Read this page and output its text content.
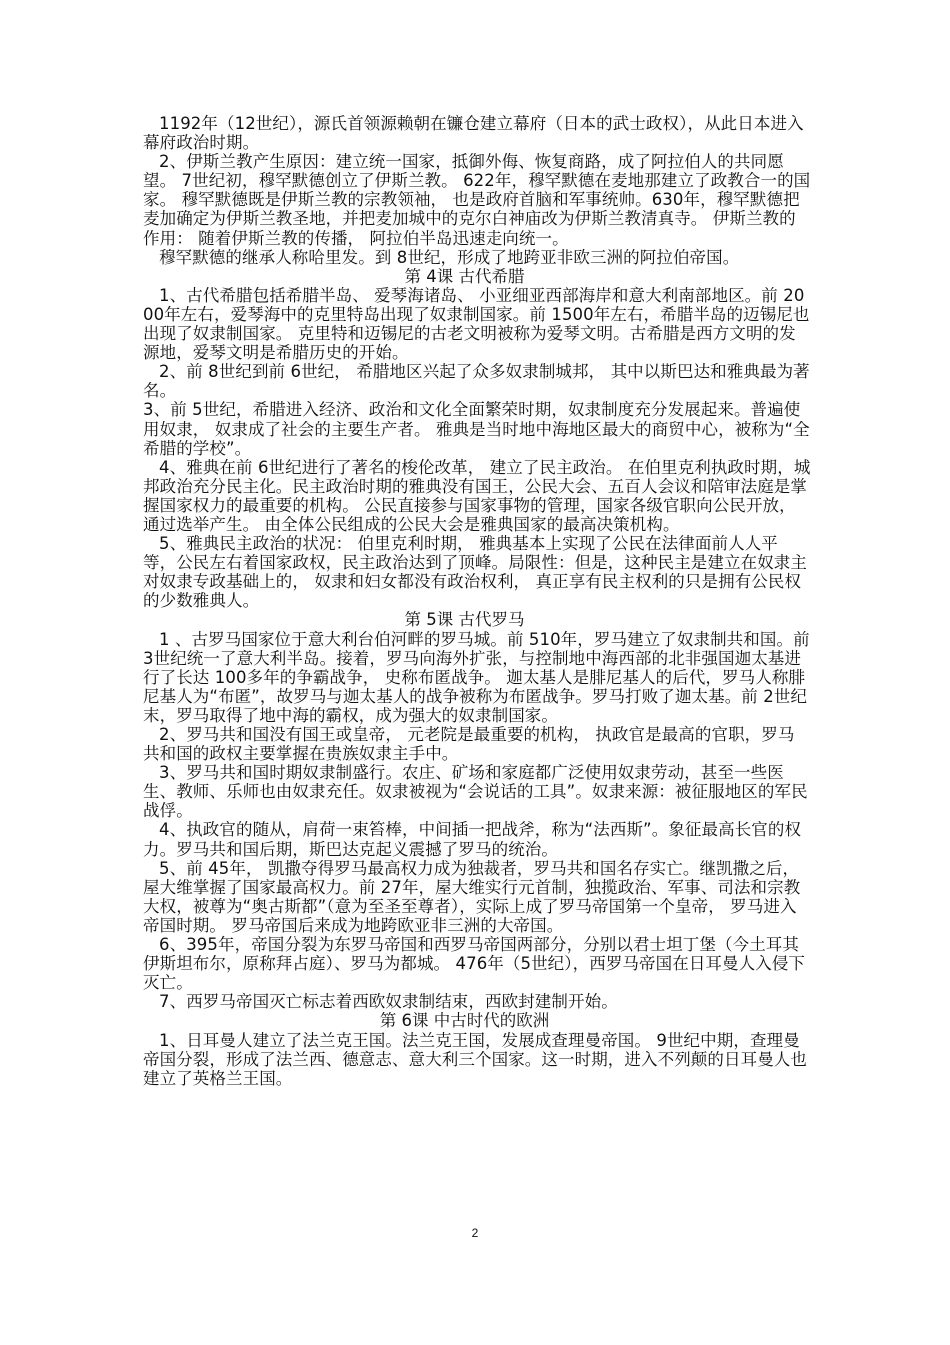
1192年（12世纪），源氏首领源赖朝在镰仓建立幕府（日本的武士政权），从此日本进入幕府政治时期。

2、伊斯兰教产生原因：建立统一国家，抵御外侮、恢复商路，成了阿拉伯人的共同愿望。 7世纪初，穆罕默德创立了伊斯兰教。 622年，穆罕默德在麦地那建立了政教合一的国家。 穆罕默德既是伊斯兰教的宗教领袖， 也是政府首脑和军事统帅。630年，穆罕默德把麦加确定为伊斯兰教圣地，并把麦加城中的克尔白神庙改为伊斯兰教清真寺。 伊斯兰教的作用： 随着伊斯兰教的传播， 阿拉伯半岛迅速走向统一。

穆罕默德的继承人称哈里发。到 8世纪，形成了地跨亚非欧三洲的阿拉伯帝国。

第 4课 古代希腊

1、古代希腊包括希腊半岛、 爱琴海诸岛、 小亚细亚西部海岸和意大利南部地区。前 2000年左右，爱琴海中的克里特岛出现了奴隶制国家。前 1500年左右，希腊半岛的迈锡尼也出现了奴隶制国家。 克里特和迈锡尼的古老文明被称为爱琴文明。古希腊是西方文明的发源地，爱琴文明是希腊历史的开始。

2、前 8世纪到前 6世纪， 希腊地区兴起了众多奴隶制城邦， 其中以斯巴达和雅典最为著名。

3、前 5世纪，希腊进入经济、政治和文化全面繁荣时期，奴隶制度充分发展起来。普遍使用奴隶， 奴隶成了社会的主要生产者。 雅典是当时地中海地区最大的商贸中心，被称为“全希腊的学校”。

4、雅典在前 6世纪进行了著名的梭伦改革， 建立了民主政治。 在伯里克利执政时期，城邦政治充分民主化。民主政治时期的雅典没有国王，公民大会、五百人会议和陪审法庭是掌握国家权力的最重要的机构。 公民直接参与国家事物的管理，国家各级官职向公民开放， 通过选举产生。 由全体公民组成的公民大会是雅典国家的最高决策机构。

5、雅典民主政治的状况： 伯里克利时期， 雅典基本上实现了公民在法律面前人人平等，公民左右着国家政权，民主政治达到了顶峰。局限性：但是，这种民主是建立在奴隶主对奴隶专政基础上的， 奴隶和妇女都没有政治权利， 真正享有民主权利的只是拥有公民权的少数雅典人。

第 5课 古代罗马

1 、古罗马国家位于意大利台伯河畔的罗马城。前 510年，罗马建立了奴隶制共和国。前 3世纪统一了意大利半岛。接着，罗马向海外扩张，与控制地中海西部的北非强国迦太基进行了长达 100多年的争霸战争， 史称布匿战争。 迦太基人是腓尼基人的后代，罗马人称腓尼基人为“布匿”，故罗马与迦太基人的战争被称为布匿战争。罗马打败了迦太基。前 2世纪末，罗马取得了地中海的霸权，成为强大的奴隶制国家。

2、罗马共和国没有国王或皇帝， 元老院是最重要的机构， 执政官是最高的官职，罗马共和国的政权主要掌握在贵族奴隶主手中。

3、罗马共和国时期奴隶制盛行。农庄、矿场和家庭都广泛使用奴隶劳动，甚至一些医生、教师、乐师也由奴隶充任。奴隶被视为“会说话的工具”。奴隶来源：被征服地区的军民战俘。

4、执政官的随从，肩荷一束笞棒，中间插一把战斧，称为“法西斯”。象征最高长官的权力。罗马共和国后期，斯巴达克起义震撼了罗马的统治。

5、前 45年， 凯撒夺得罗马最高权力成为独裁者，罗马共和国名存实亡。继凯撒之后，屋大维掌握了国家最高权力。前 27年，屋大维实行元首制，独揽政治、军事、司法和宗教大权，被尊为“奥古斯都”（意为至圣至尊者），实际上成了罗马帝国第一个皇帝， 罗马进入帝国时期。 罗马帝国后来成为地跨欧亚非三洲的大帝国。

6、395年，帝国分裂为东罗马帝国和西罗马帝国两部分，分别以君士坦丁堡（今土耳其伊斯坦布尔，原称拜占庭）、罗马为都城。 476年（5世纪），西罗马帝国在日耳曼人入侵下灭亡。

7、西罗马帝国灭亡标志着西欧奴隶制结束，西欧封建制开始。

第 6课 中古时代的欧洲

1、日耳曼人建立了法兰克王国。法兰克王国，发展成查理曼帝国。 9世纪中期，查理曼帝国分裂，形成了法兰西、德意志、意大利三个国家。这一时期，进入不列颠的日耳曼人也建立了英格兰王国。

2
